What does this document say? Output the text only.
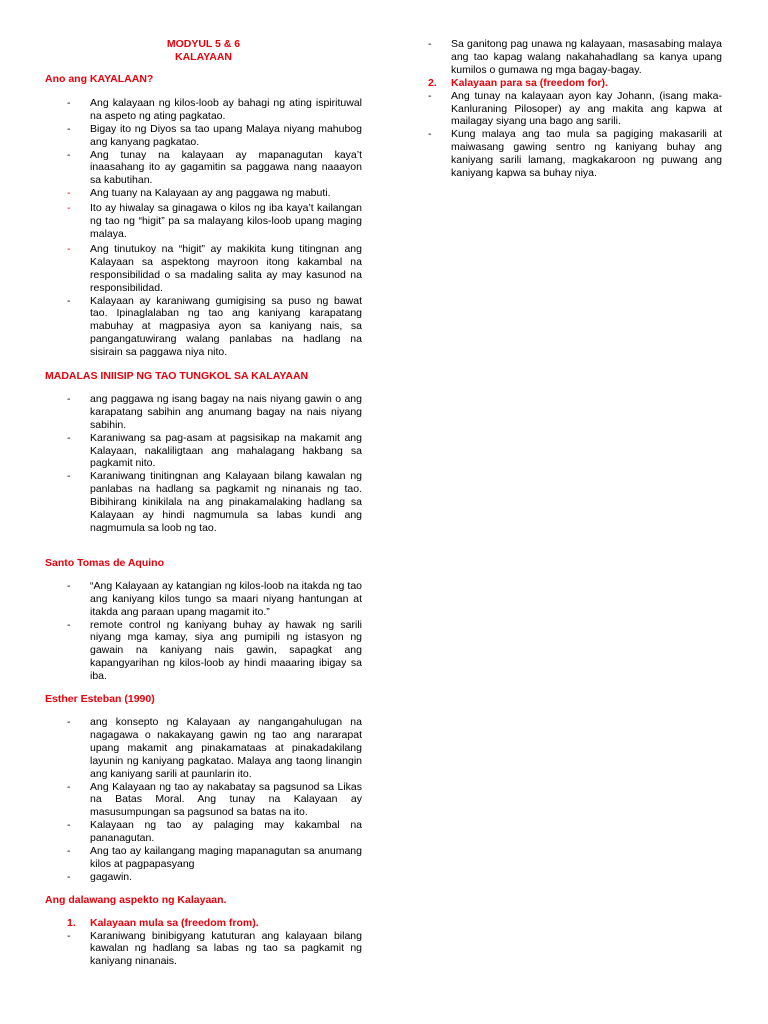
MODYUL 5 & 6
KALAYAAN

Ano ang KAYALAAN?

- Ang kalayaan ng kilos-loob ay bahagi ng ating ispirituwal na aspeto ng ating pagkatao.
- Bigay ito ng Diyos sa tao upang Malaya niyang mahubog ang kanyang pagkatao.
- Ang tunay na kalayaan ay mapanagutan kaya’t inaasahang ito ay gagamitin sa paggawa nang naaayon sa kabutihan.
- Ang tuany na Kalayaan ay ang paggawa ng mabuti.
- Ito ay hiwalay sa ginagawa o kilos ng iba kaya’t kailangan ng tao ng “higit” pa sa malayang kilos-loob upang maging malaya.
- Ang tinutukoy na “higit” ay makikita kung titingnan ang Kalayaan sa aspektong mayroon itong kakambal na responsibilidad o sa madaling salita ay may kasunod na responsibilidad.
- Kalayaan ay karaniwang gumigising sa puso ng bawat tao. Ipinaglalaban ng tao ang kaniyang karapatang mabuhay at magpasiya ayon sa kaniyang nais, sa pangangatuwirang walang panlabas na hadlang na sisirain sa paggawa niya nito.

MADALAS INIISIP NG TAO TUNGKOL SA KALAYAAN

- ang paggawa ng isang bagay na nais niyang gawin o ang karapatang sabihin ang anumang bagay na nais niyang sabihin.
- Karaniwang sa pag-asam at pagsisikap na makamit ang Kalayaan, nakaliligtaan ang mahalagang hakbang sa pagkamit nito.
- Karaniwang tinitingnan ang Kalayaan bilang kawalan ng panlabas na hadlang sa pagkamit ng ninanais ng tao. Bibihirang kinikilala na ang pinakamalaking hadlang sa Kalayaan ay hindi nagmumula sa labas kundi ang nagmumula sa loob ng tao.

Santo Tomas de Aquino

- “Ang Kalayaan ay katangian ng kilos-loob na itakda ng tao ang kaniyang kilos tungo sa maari niyang hantungan at itakda ang paraan upang magamit ito.”
- remote control ng kaniyang buhay ay hawak ng sarili niyang mga kamay, siya ang pumipili ng istasyon ng gawain na kaniyang nais gawin, sapagkat ang kapangyarihan ng kilos-loob ay hindi maaaring ibigay sa iba.

Esther Esteban (1990)

- ang konsepto ng Kalayaan ay nangangahulugan na nagagawa o nakakayang gawin ng tao ang nararapat upang makamit ang pinakamataas at pinakadakilang layunin ng kaniyang pagkatao. Malaya ang taong linangin ang kaniyang sarili at paunlarin ito.
- Ang Kalayaan ng tao ay nakabatay sa pagsunod sa Likas na Batas Moral. Ang tunay na Kalayaan ay masusumpungan sa pagsunod sa batas na ito.
- Kalayaan ng tao ay palaging may kakambal na pananagutan.
- Ang tao ay kailangang maging mapanagutan sa anumang kilos at pagpapasyang
- gagawin.

Ang dalawang aspekto ng Kalayaan.

1. Kalayaan mula sa (freedom from).
- Karaniwang binibigyang katuturan ang kalayaan bilang kawalan ng hadlang sa labas ng tao sa pagkamit ng kaniyang ninanais.
- Sa ganitong pag unawa ng kalayaan, masasabing malaya ang tao kapag walang nakahahadlang sa kanya upang kumilos o gumawa ng mga bagay-bagay.
2. Kalayaan para sa (freedom for).
- Ang tunay na kalayaan ayon kay Johann, (isang maka-Kanluraning Pilosoper) ay ang makita ang kapwa at mailagay siyang una bago ang sarili.
- Kung malaya ang tao mula sa pagiging makasarili at maiwasang gawing sentro ng kaniyang buhay ang kaniyang sarili lamang, magkakaroon ng puwang ang kaniyang kapwa sa buhay niya.
